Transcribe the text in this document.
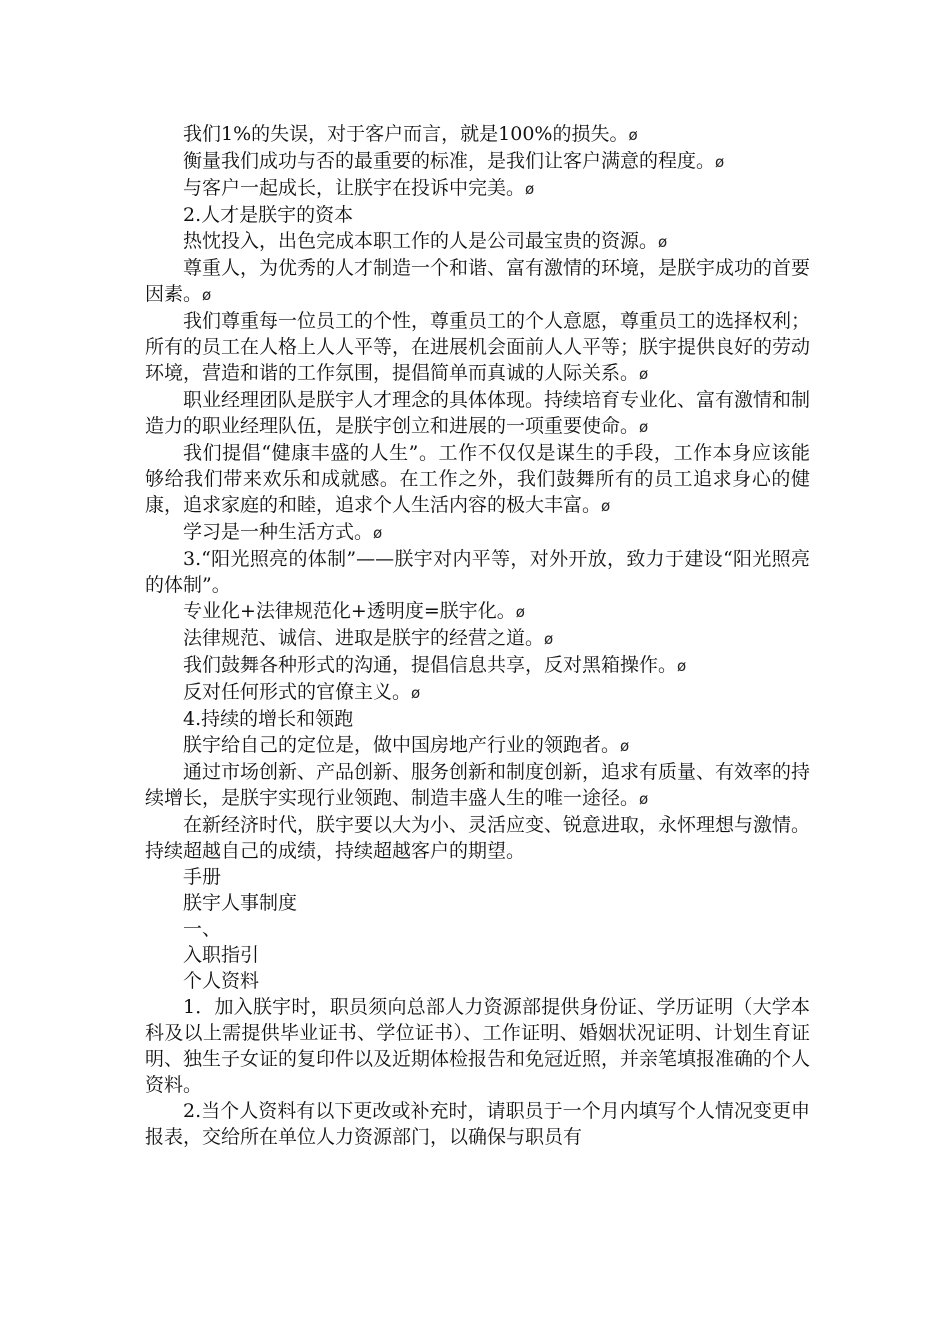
我们1%的失误，对于客户而言，就是100%的损失。ø

衡量我们成功与否的最重要的标准，是我们让客户满意的程度。ø

与客户一起成长，让朕宇在投诉中完美。ø

2.人才是朕宇的资本

热忱投入，出色完成本职工作的人是公司最宝贵的资源。ø

尊重人，为优秀的人才制造一个和谐、富有激情的环境，是朕宇成功的首要因素。ø

我们尊重每一位员工的个性，尊重员工的个人意愿，尊重员工的选择权利；所有的员工在人格上人人平等，在进展机会面前人人平等；朕宇提供良好的劳动环境，营造和谐的工作氛围，提倡简单而真诚的人际关系。ø

职业经理团队是朕宇人才理念的具体体现。持续培育专业化、富有激情和制造力的职业经理队伍，是朕宇创立和进展的一项重要使命。ø

我们提倡“健康丰盛的人生”。工作不仅仅是谋生的手段，工作本身应该能够给我们带来欢乐和成就感。在工作之外，我们鼓舞所有的员工追求身心的健康，追求家庭的和睦，追求个人生活内容的极大丰富。ø

学习是一种生活方式。ø

3.“阳光照亮的体制”——朕宇对内平等，对外开放，致力于建设“阳光照亮的体制”。

专业化+法律规范化+透明度=朕宇化。ø

法律规范、诚信、进取是朕宇的经营之道。ø

我们鼓舞各种形式的沟通，提倡信息共享，反对黑箱操作。ø

反对任何形式的官僚主义。ø

4.持续的增长和领跑

朕宇给自己的定位是，做中国房地产行业的领跑者。ø

通过市场创新、产品创新、服务创新和制度创新，追求有质量、有效率的持续增长，是朕宇实现行业领跑、制造丰盛人生的唯一途径。ø

在新经济时代，朕宇要以大为小、灵活应变、锐意进取，永怀理想与激情。持续超越自己的成绩，持续超越客户的期望。

手册

朕宇人事制度

一、

入职指引

个人资料

1．加入朕宇时，职员须向总部人力资源部提供身份证、学历证明（大学本科及以上需提供毕业证书、学位证书）、工作证明、婚姻状况证明、计划生育证明、独生子女证的复印件以及近期体检报告和免冠近照，并亲笔填报准确的个人资料。

2.当个人资料有以下更改或补充时，请职员于一个月内填写个人情况变更申报表，交给所在单位人力资源部门，以确保与职员有
